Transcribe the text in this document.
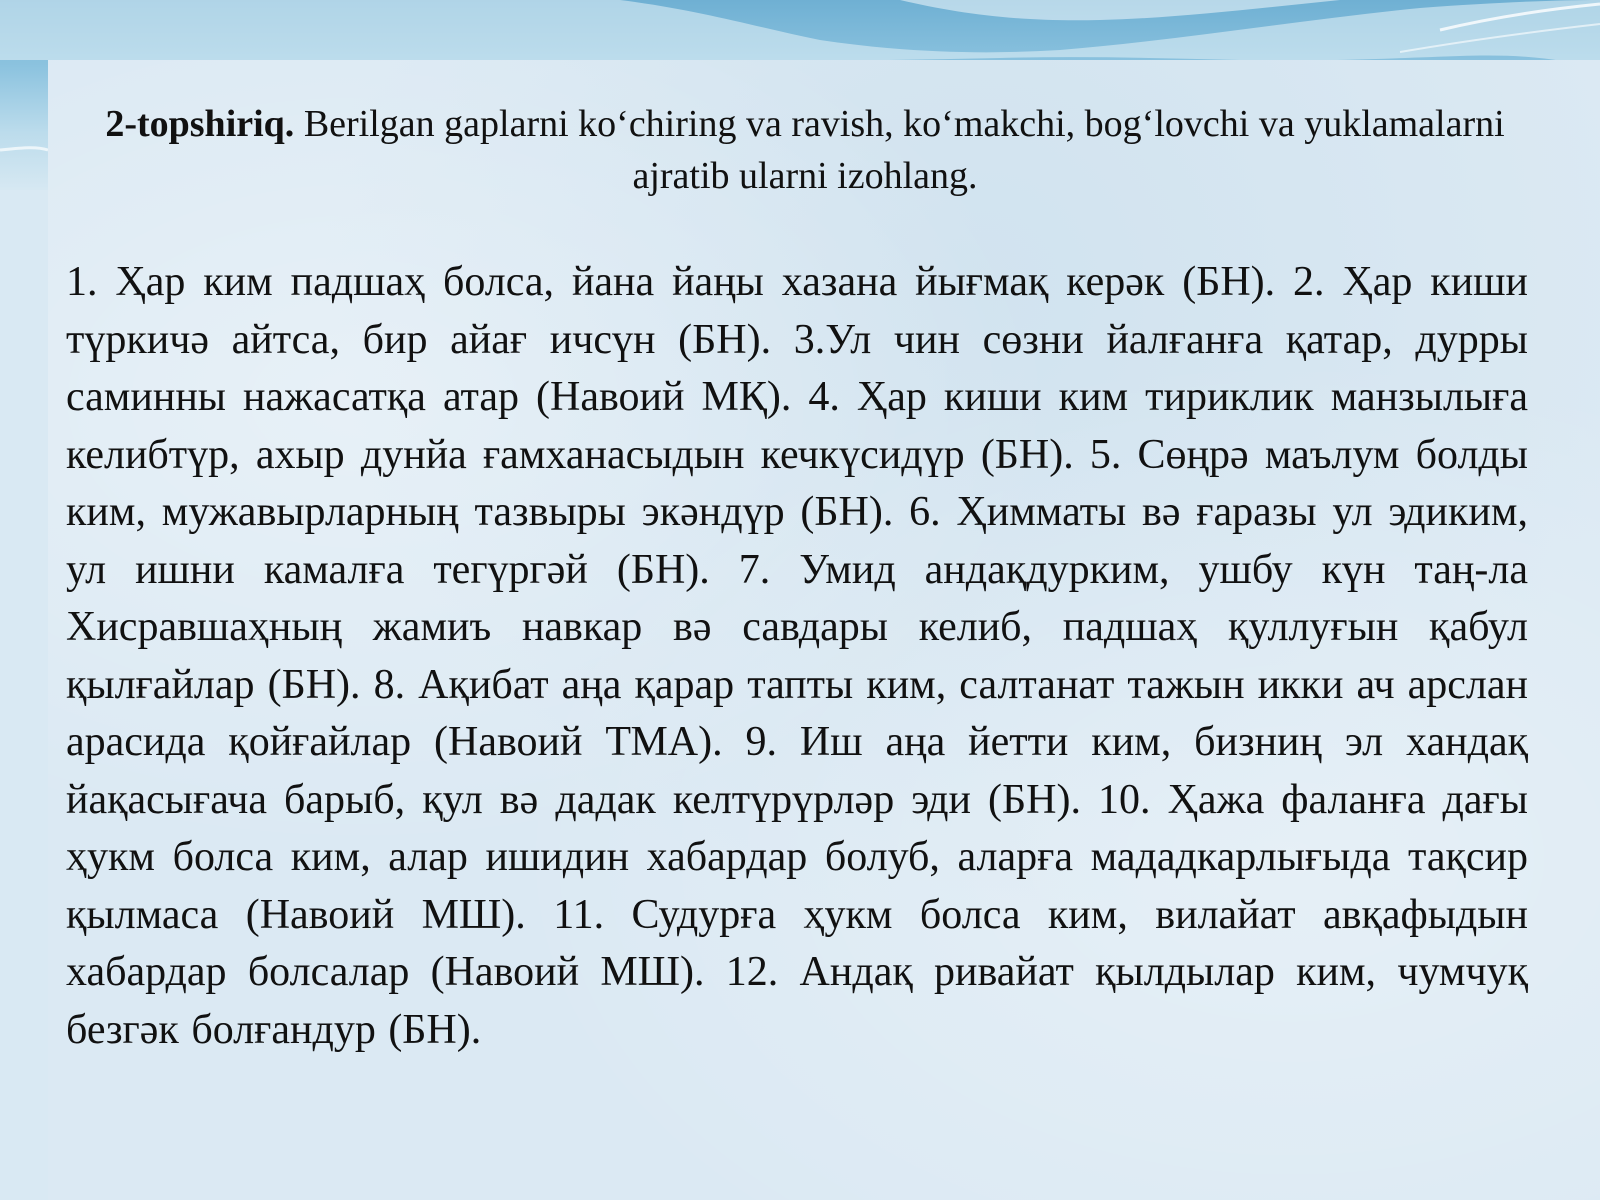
2-topshiriq. Berilgan gaplarni ko‘chiring va ravish, ko‘makchi, bog‘lovchi va yuklamalarni ajratib ularni izohlang.
1. Ҳар ким падшаҳ болса, йана йаңы хазана йығмақ керәк (БН). 2. Ҳар киши түркичә айтса, бир айағ ичсүн (БН). 3.Ул чин сөзни йалғанға қатар, дурры саминны нажасатқа атар (Навоий МҚ). 4. Ҳар киши ким тириклик манзылыға келибтүр, ахыр дунйа ғамханасыдын кечкүсидүр (БН). 5. Сөңрә маълум болды ким, мужавырларның тазвыры экәндүр (БН). 6. Ҳимматы вә ғаразы ул эдиким, ул ишни камалға тегүргәй (БН). 7. Умид андақдурким, ушбу күн таң-ла Хисравшаҳның жамиъ навкар вә савдары келиб, падшаҳ қуллуғын қабул қылғайлар (БН). 8. Ақибат аңа қарар тапты ким, салтанат тажын икки ач арслан арасида қойғайлар (Навоий ТМА). 9. Иш аңа йетти ким, бизниң эл хандақ йақасығача барыб, қул вә дадак келтүрүрләр эди (БН). 10. Ҳажа фаланға дағы ҳукм болса ким, алар ишидин хабардар болуб, аларға мададкарлығыда тақсир қылмаса (Навоий МШ). 11. Судурға ҳукм болса ким, вилайат авқафыдын хабардар болсалар (Навоий МШ). 12. Андақ ривайат қылдылар ким, чумчуқ безгәк болғандур (БН).
